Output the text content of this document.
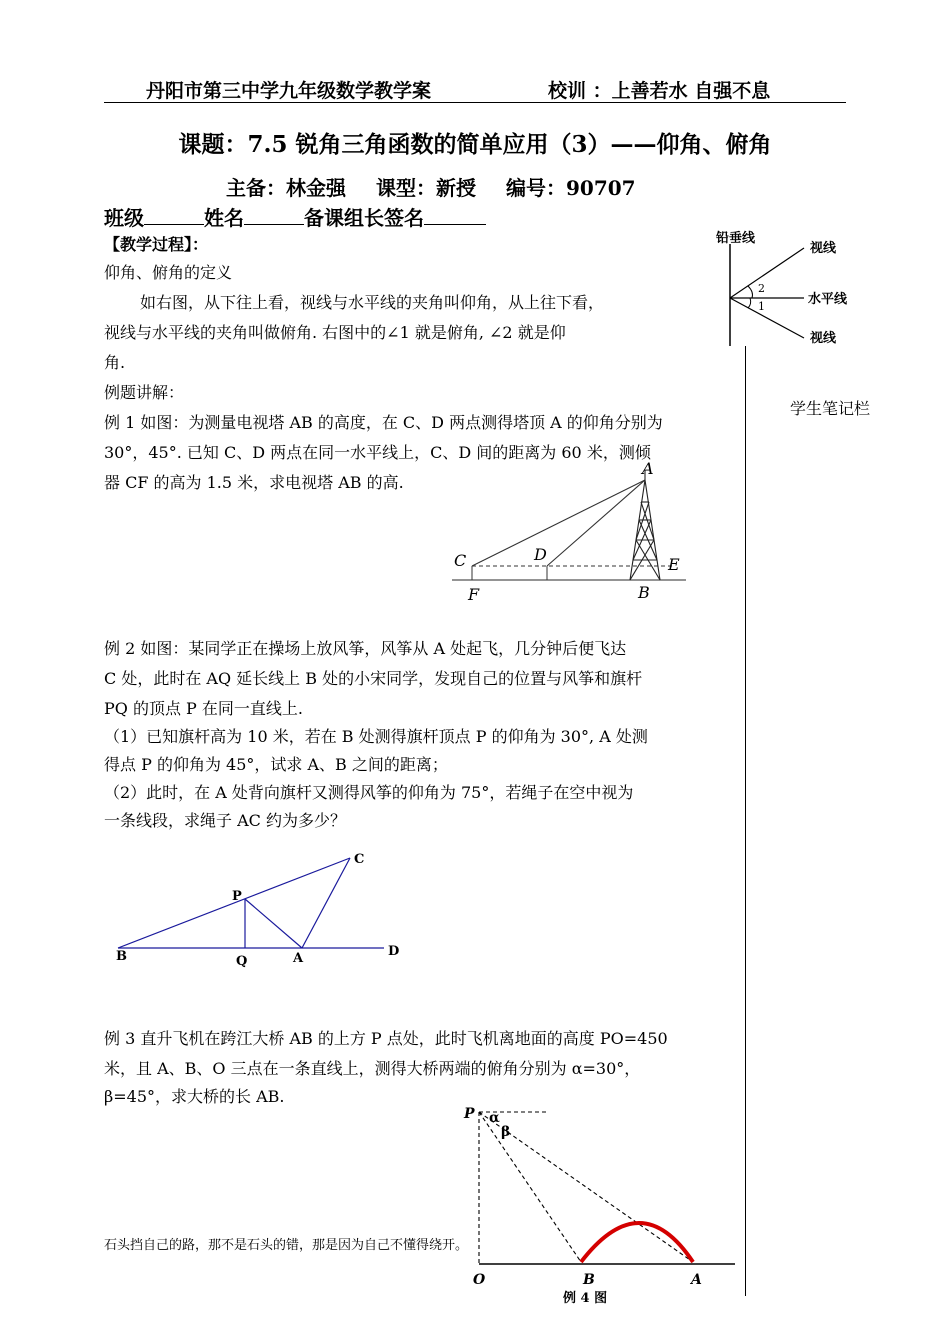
丹阳市第三中学九年级数学教学案	校训 ：上善若水 自强不息
课题：7.5 锐角三角函数的简单应用（3）——仰角、俯角
主备：林金强 课型：新授 编号：90707
班级	姓名	备课组长签名
【教学过程】：
仰角、俯角的定义
如右图，从下往上看，视线与水平线的夹角叫仰角，从上往下看，
视线与水平线的夹角叫做俯角. 右图中的∠1 就是俯角, ∠2 就是仰
角.
铅垂线
视线
水平线
视线
2
1
学生笔记栏
例题讲解：
例 1 如图：为测量电视塔 AB 的高度，在 C、D 两点测得塔顶 A 的仰角分别为
30°，45°. 已知 C、D 两点在同一水平线上，C、D 间的距离为 60 米，测倾
器 CF 的高为 1.5 米，求电视塔 AB 的高.
A
C	D
E
F	B
例 2 如图：某同学正在操场上放风筝，风筝从 A 处起飞，几分钟后便飞达
C 处，此时在 AQ 延长线上 B 处的小宋同学，发现自己的位置与风筝和旗杆
PQ 的顶点 P 在同一直线上.
（1）已知旗杆高为 10 米，若在 B 处测得旗杆顶点 P 的仰角为 30°, A 处测
得点 P 的仰角为 45°，试求 A、B 之间的距离；
（2）此时，在 A 处背向旗杆又测得风筝的仰角为 75°，若绳子在空中视为
一条线段，求绳子 AC 约为多少？
B	Q	A	D
P
C
例 3 直升飞机在跨江大桥 AB 的上方 P 点处，此时飞机离地面的高度 PO=450
米，且 A、B、O 三点在一条直线上，测得大桥两端的俯角分别为 α=30°，
β=45°，求大桥的长 AB.
P α
β
O	B	A
例 4 图
石头挡自己的路，那不是石头的错，那是因为自己不懂得绕开。
